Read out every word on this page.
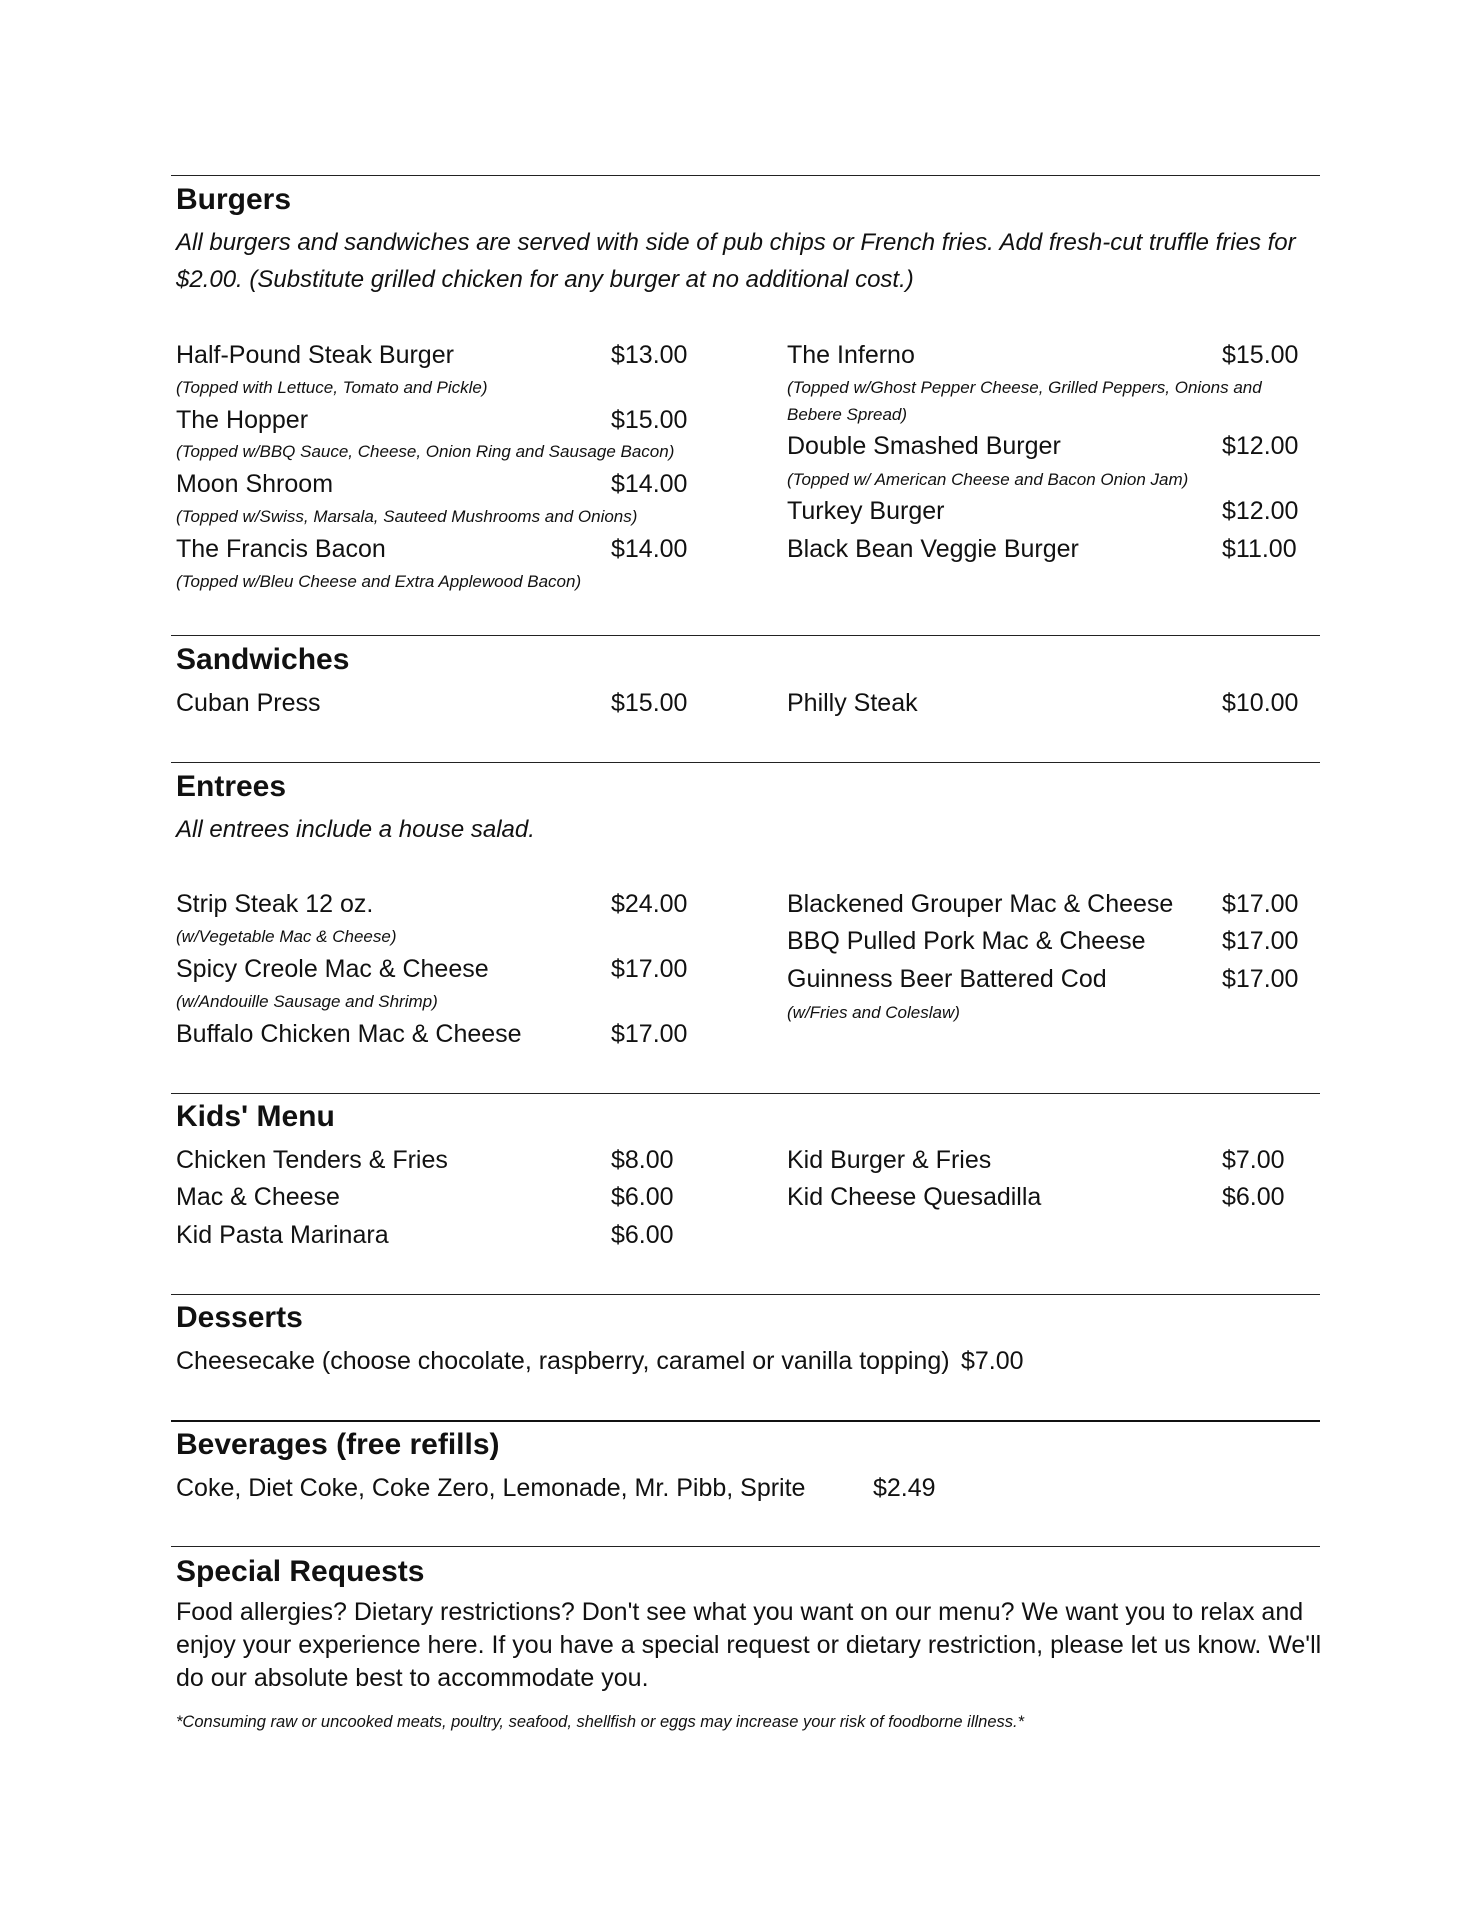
Burgers
All burgers and sandwiches are served with side of pub chips or French fries. Add fresh-cut truffle fries for $2.00. (Substitute grilled chicken for any burger at no additional cost.)
Half-Pound Steak Burger	$13.00
(Topped with Lettuce, Tomato and Pickle)
The Hopper	$15.00
(Topped w/BBQ Sauce, Cheese, Onion Ring and Sausage Bacon)
Moon Shroom	$14.00
(Topped w/Swiss, Marsala, Sauteed Mushrooms and Onions)
The Francis Bacon	$14.00
(Topped w/Bleu Cheese and Extra Applewood Bacon)
The Inferno	$15.00
(Topped w/Ghost Pepper Cheese, Grilled Peppers, Onions and Bebere Spread)
Double Smashed Burger	$12.00
(Topped w/ American Cheese and Bacon Onion Jam)
Turkey Burger	$12.00
Black Bean Veggie Burger	$11.00
Sandwiches
Cuban Press	$15.00	Philly Steak	$10.00
Entrees
All entrees include a house salad.
Strip Steak 12 oz.	$24.00
(w/Vegetable Mac & Cheese)
Spicy Creole Mac & Cheese	$17.00
(w/Andouille Sausage and Shrimp)
Buffalo Chicken Mac & Cheese	$17.00
Blackened Grouper Mac & Cheese $17.00
BBQ Pulled Pork Mac & Cheese	$17.00
Guinness Beer Battered Cod	$17.00
(w/Fries and Coleslaw)
Kids' Menu
Chicken Tenders & Fries	$8.00
Mac & Cheese	$6.00
Kid Pasta Marinara	$6.00
Kid Burger & Fries	$7.00
Kid Cheese Quesadilla	$6.00
Desserts
Cheesecake (choose chocolate, raspberry, caramel or vanilla topping) $7.00
Beverages (free refills)
Coke, Diet Coke, Coke Zero, Lemonade, Mr. Pibb, Sprite	$2.49
Special Requests
Food allergies? Dietary restrictions? Don't see what you want on our menu? We want you to relax and enjoy your experience here. If you have a special request or dietary restriction, please let us know. We'll do our absolute best to accommodate you.
*Consuming raw or uncooked meats, poultry, seafood, shellfish or eggs may increase your risk of foodborne illness.*
